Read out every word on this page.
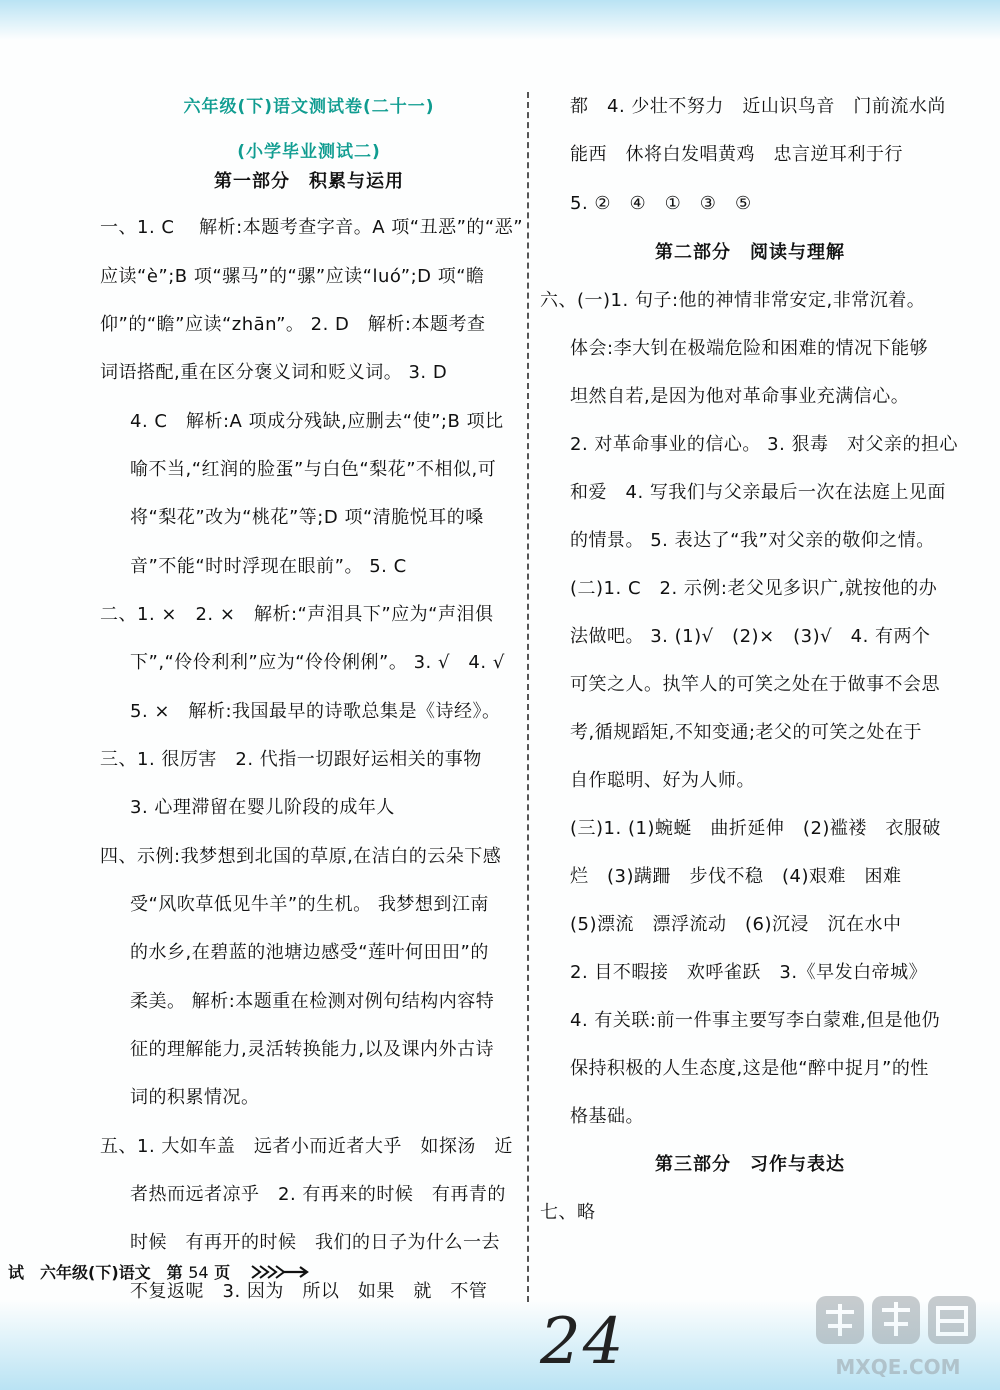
六年级(下)语文测试卷(二十一)
(小学毕业测试二)
第一部分　积累与运用
一、1. C　 解析:本题考查字音。A 项“丑恶”的“恶”
应读“è”;B 项“骡马”的“骡”应读“luó”;D 项“瞻
仰”的“瞻”应读“zhān”。 2. D　解析:本题考查
词语搭配,重在区分褒义词和贬义词。 3. D
4. C　解析:A 项成分残缺,应删去“使”;B 项比
喻不当,“红润的脸蛋”与白色“梨花”不相似,可
将“梨花”改为“桃花”等;D 项“清脆悦耳的嗓
音”不能“时时浮现在眼前”。 5. C
二、1. ×　2. ×　解析:“声泪具下”应为“声泪俱
下”,“伶伶利利”应为“伶伶俐俐”。 3. √　4. √
5. ×　解析:我国最早的诗歌总集是《诗经》。
三、1. 很厉害　2. 代指一切跟好运相关的事物
3. 心理滞留在婴儿阶段的成年人
四、示例:我梦想到北国的草原,在洁白的云朵下感
受“风吹草低见牛羊”的生机。 我梦想到江南
的水乡,在碧蓝的池塘边感受“莲叶何田田”的
柔美。 解析:本题重在检测对例句结构内容特
征的理解能力,灵活转换能力,以及课内外古诗
词的积累情况。
五、1. 大如车盖　远者小而近者大乎　如探汤　近
者热而远者凉乎　2. 有再来的时候　有再青的
时候　有再开的时候　我们的日子为什么一去
不复返呢　3. 因为　所以　如果　就　不管
都　4. 少壮不努力　近山识鸟音　门前流水尚
能西　休将白发唱黄鸡　忠言逆耳利于行
5. ②　④　①　③　⑤
第二部分　阅读与理解
六、(一)1. 句子:他的神情非常安定,非常沉着。
体会:李大钊在极端危险和困难的情况下能够
坦然自若,是因为他对革命事业充满信心。
2. 对革命事业的信心。 3. 狠毒　对父亲的担心
和爱　4. 写我们与父亲最后一次在法庭上见面
的情景。 5. 表达了“我”对父亲的敬仰之情。
(二)1. C　2. 示例:老父见多识广,就按他的办
法做吧。 3. (1)√　(2)×　(3)√　4. 有两个
可笑之人。执竿人的可笑之处在于做事不会思
考,循规蹈矩,不知变通;老父的可笑之处在于
自作聪明、好为人师。
(三)1. (1)蜿蜒　曲折延伸　(2)褴褛　衣服破
烂　(3)蹒跚　步伐不稳　(4)艰难　困难
(5)漂流　漂浮流动　(6)沉浸　沉在水中
2. 目不暇接　欢呼雀跃　3.《早发白帝城》
4. 有关联:前一件事主要写李白蒙难,但是他仍
保持积极的人生态度,这是他“醉中捉月”的性
格基础。
第三部分　习作与表达
七、略
试　六年级(下)语文　第 54 页
24	MXQE.COM
